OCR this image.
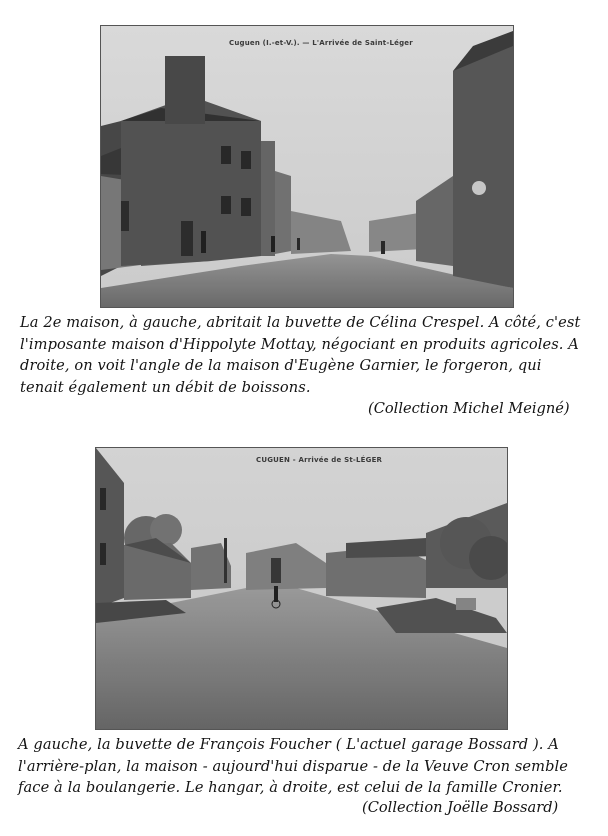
Cuguen (I.-et-V.). — L'Arrivée de Saint-Léger
La 2e maison, à gauche, abritait la buvette de Célina Crespel. A côté, c'est l'imposante maison d'Hippolyte Mottay, négociant en produits agricoles. A droite, on voit l'angle de la maison d'Eugène Garnier, le forgeron, qui tenait également un débit de boissons.
(Collection Michel Meigné)
CUGUEN - Arrivée de St-LÉGER
A gauche, la buvette de François Foucher ( L'actuel garage Bossard ). A l'arrière-plan, la maison - aujourd'hui disparue - de la Veuve Cron semble face à la boulangerie. Le hangar, à droite, est celui de la famille Cronier.
(Collection Joëlle Bossard)
